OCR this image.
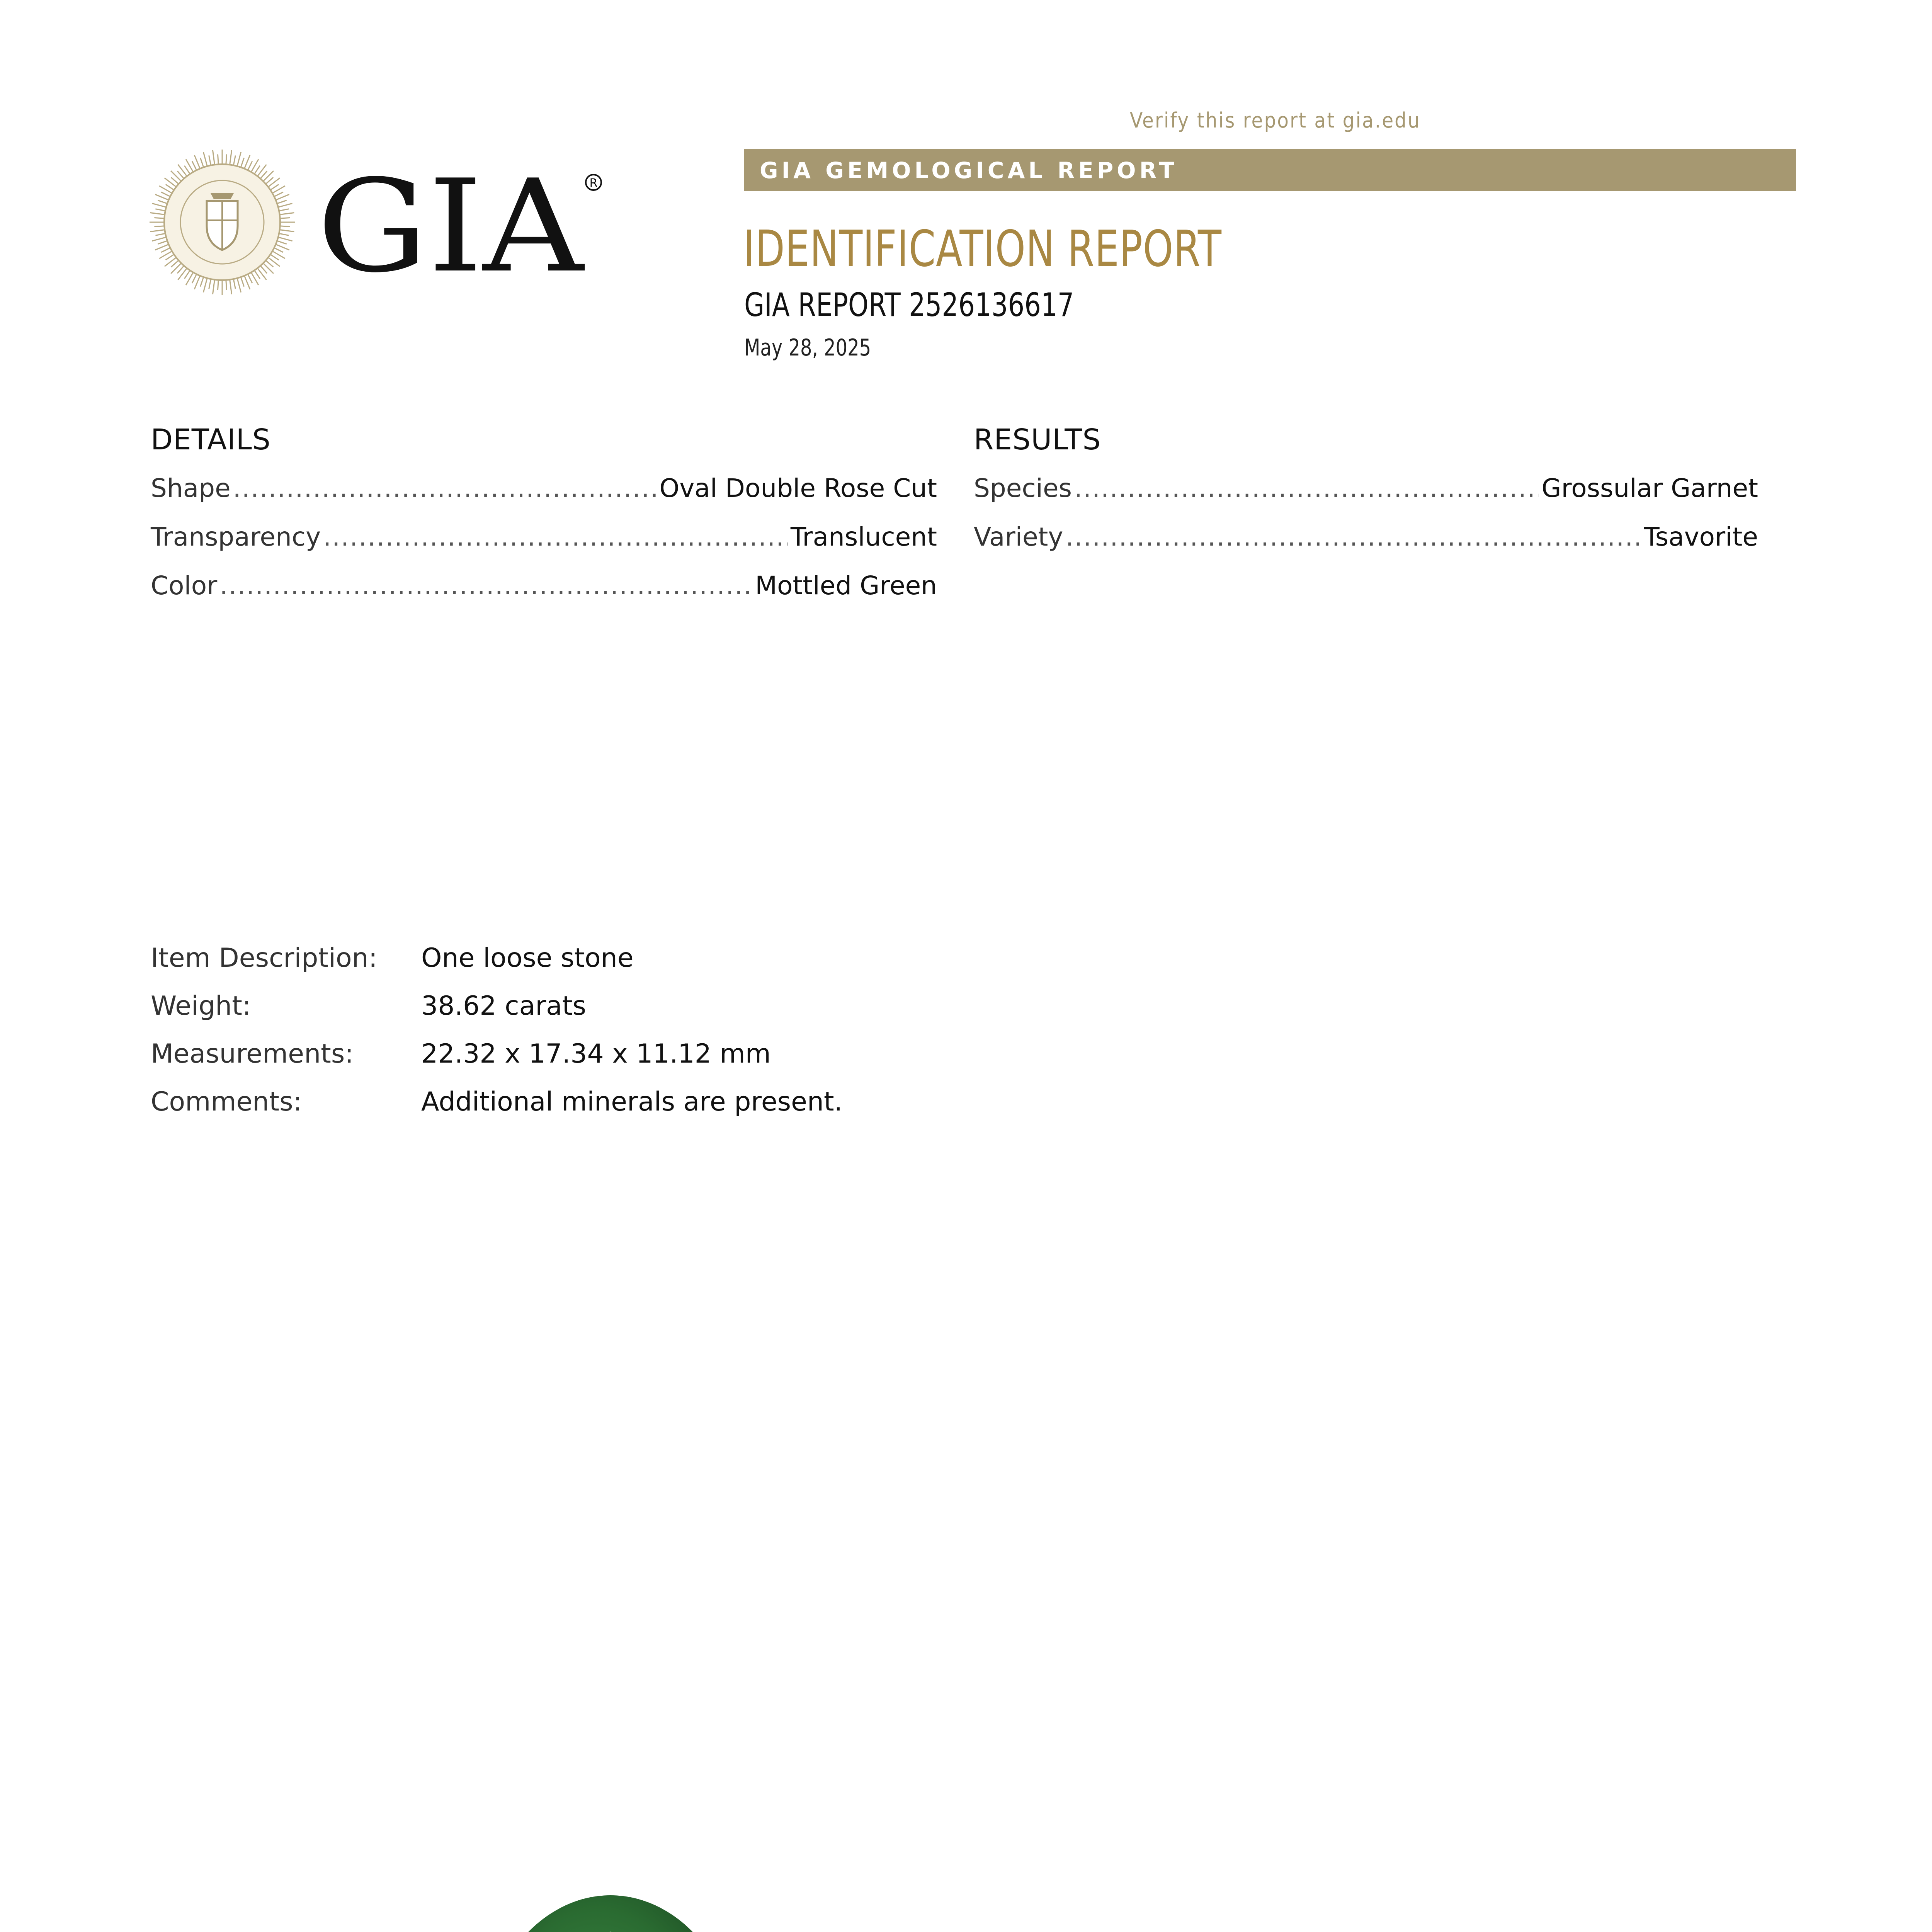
Verify this report at gia.edu
GIA R	GIA GEMOLOGICAL REPORT
IDENTIFICATION REPORT
GIA REPORT 2526136617
May 28, 2025
DETAILS
Shape .....	Oval Double Rose Cut
Transparency .....	Translucent
Color .....	Mottled Green
RESULTS
Species .....	Grossular Garnet
Variety .....	Tsavorite
Item Description:	One loose stone
Weight:	38.62 carats
Measurements:	22.32 x 17.34 x 11.12 mm
Comments:	Additional minerals are present.
